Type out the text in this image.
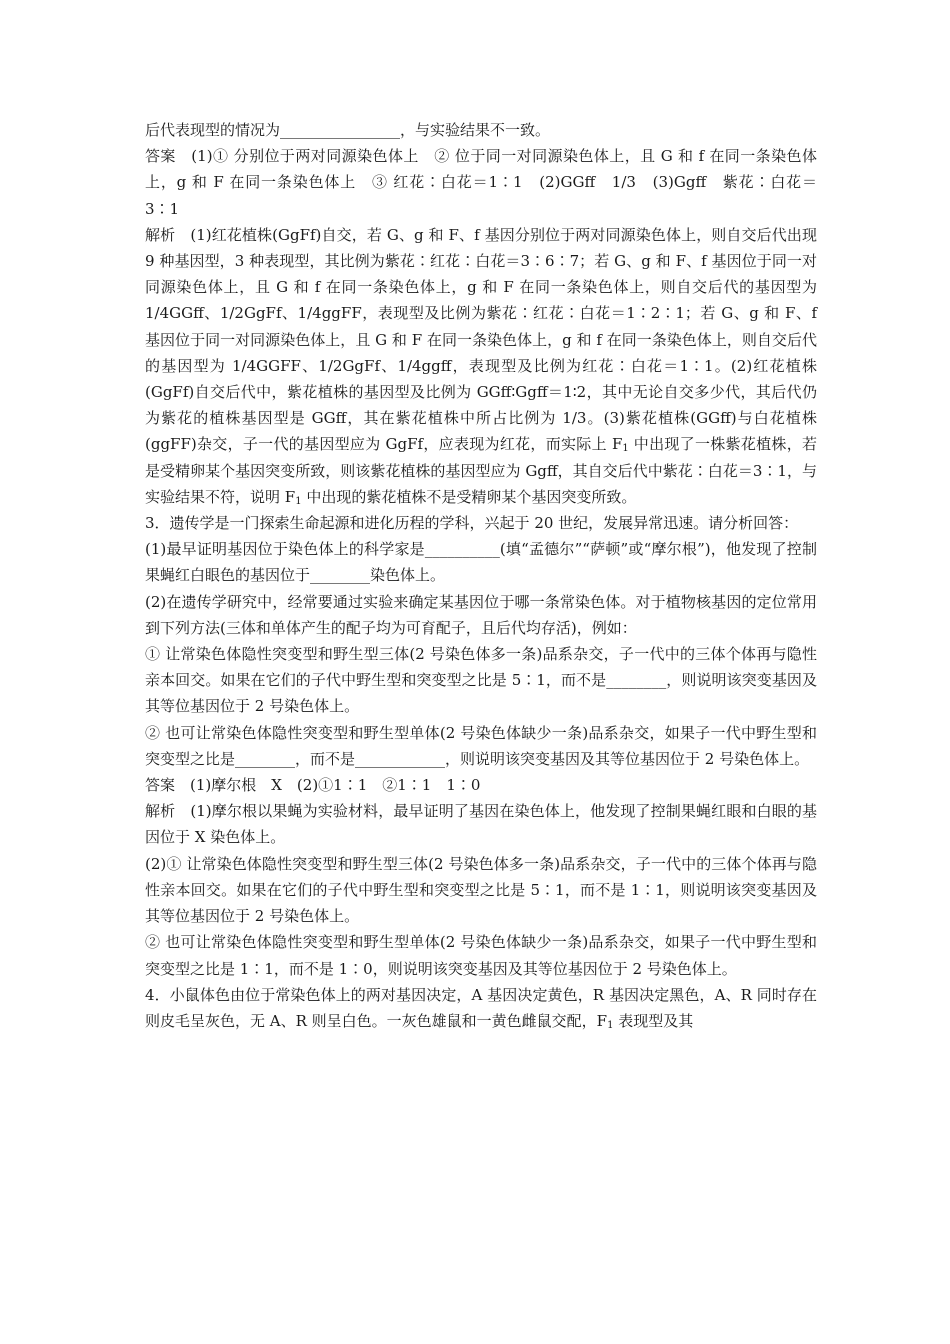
后代表现型的情况为________________，与实验结果不一致。

答案　(1)① 分别位于两对同源染色体上　② 位于同一对同源染色体上，且 G 和 f 在同一条染色体上，g 和 F 在同一条染色体上　③ 红花∶白花＝1∶1　(2)GGff　1/3　(3)Ggff　紫花∶白花＝3∶1

解析　(1)红花植株(GgFf)自交，若 G、g 和 F、f 基因分别位于两对同源染色体上，则自交后代出现 9 种基因型，3 种表现型，其比例为紫花∶红花∶白花＝3∶6∶7；若 G、g 和 F、f 基因位于同一对同源染色体上，且 G 和 f 在同一条染色体上，g 和 F 在同一条染色体上，则自交后代的基因型为 1/4GGff、1/2GgFf、1/4ggFF，表现型及比例为紫花∶红花∶白花＝1∶2∶1；若 G、g 和 F、f 基因位于同一对同源染色体上，且 G 和 F 在同一条染色体上，g 和 f 在同一条染色体上，则自交后代的基因型为 1/4GGFF、1/2GgFf、1/4ggff，表现型及比例为红花∶白花＝1∶1。(2)红花植株(GgFf)自交后代中，紫花植株的基因型及比例为 GGff∶Ggff＝1∶2，其中无论自交多少代，其后代仍为紫花的植株基因型是 GGff，其在紫花植株中所占比例为 1/3。(3)紫花植株(GGff)与白花植株(ggFF)杂交，子一代的基因型应为 GgFf，应表现为红花，而实际上 $F_1$ 中出现了一株紫花植株，若是受精卵某个基因突变所致，则该紫花植株的基因型应为 Ggff，其自交后代中紫花∶白花＝3∶1，与实验结果不符，说明 $F_1$ 中出现的紫花植株不是受精卵某个基因突变所致。

3．遗传学是一门探索生命起源和进化历程的学科，兴起于 20 世纪，发展异常迅速。请分析回答：

(1)最早证明基因位于染色体上的科学家是__________(填“孟德尔”“萨顿”或“摩尔根”)，他发现了控制果蝇红白眼色的基因位于________染色体上。

(2)在遗传学研究中，经常要通过实验来确定某基因位于哪一条常染色体。对于植物核基因的定位常用到下列方法(三体和单体产生的配子均为可育配子，且后代均存活)，例如：

① 让常染色体隐性突变型和野生型三体(2 号染色体多一条)品系杂交，子一代中的三体个体再与隐性亲本回交。如果在它们的子代中野生型和突变型之比是 5∶1，而不是________，则说明该突变基因及其等位基因位于 2 号染色体上。

② 也可让常染色体隐性突变型和野生型单体(2 号染色体缺少一条)品系杂交，如果子一代中野生型和突变型之比是________，而不是____________，则说明该突变基因及其等位基因位于 2 号染色体上。

答案　(1)摩尔根　X　(2)①1∶1　②1∶1　1∶0

解析　(1)摩尔根以果蝇为实验材料，最早证明了基因在染色体上，他发现了控制果蝇红眼和白眼的基因位于 X 染色体上。

(2)① 让常染色体隐性突变型和野生型三体(2 号染色体多一条)品系杂交，子一代中的三体个体再与隐性亲本回交。如果在它们的子代中野生型和突变型之比是 5∶1，而不是 1∶1，则说明该突变基因及其等位基因位于 2 号染色体上。

② 也可让常染色体隐性突变型和野生型单体(2 号染色体缺少一条)品系杂交，如果子一代中野生型和突变型之比是 1∶1，而不是 1∶0，则说明该突变基因及其等位基因位于 2 号染色体上。

4．小鼠体色由位于常染色体上的两对基因决定，A 基因决定黄色，R 基因决定黑色，A、R 同时存在则皮毛呈灰色，无 A、R 则呈白色。一灰色雄鼠和一黄色雌鼠交配，$F_1$ 表现型及其
